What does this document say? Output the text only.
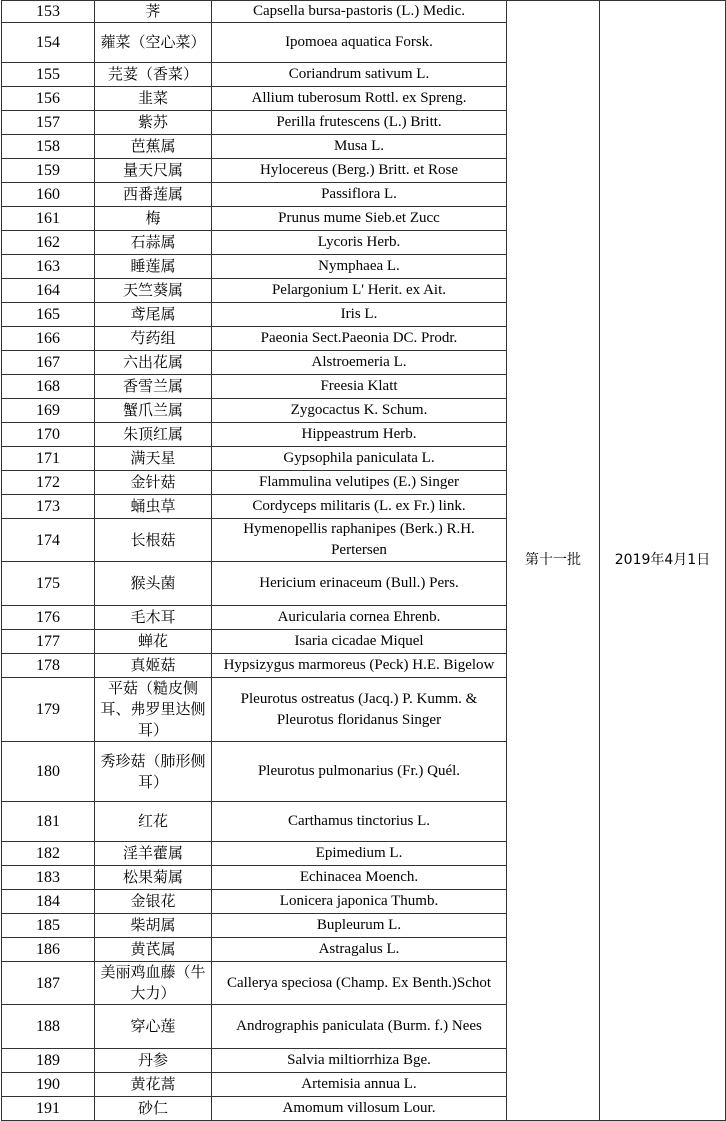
153	荠	Capsella bursa-pastoris (L.) Medic.	第十一批	2019年4月1日
154	蕹菜（空心菜）	Ipomoea aquatica Forsk.		
155	芫荽（香菜）	Coriandrum sativum L.		
156	韭菜	Allium tuberosum Rottl. ex Spreng.		
157	紫苏	Perilla frutescens (L.) Britt.		
158	芭蕉属	Musa L.		
159	量天尺属	Hylocereus (Berg.) Britt. et Rose		
160	西番莲属	Passiflora L.		
161	梅	Prunus mume Sieb.et Zucc		
162	石蒜属	Lycoris Herb.		
163	睡莲属	Nymphaea L.		
164	天竺葵属	Pelargonium L' Herit. ex Ait.		
165	鸢尾属	Iris L.		
166	芍药组	Paeonia Sect.Paeonia DC. Prodr.		
167	六出花属	Alstroemeria L.		
168	香雪兰属	Freesia Klatt		
169	蟹爪兰属	Zygocactus K. Schum.		
170	朱顶红属	Hippeastrum Herb.		
171	满天星	Gypsophila paniculata L.		
172	金针菇	Flammulina velutipes (E.) Singer		
173	蛹虫草	Cordyceps militaris (L. ex Fr.) link.		
174	长根菇	Hymenopellis raphanipes (Berk.) R.H. Pertersen		
175	猴头菌	Hericium erinaceum (Bull.) Pers.		
176	毛木耳	Auricularia cornea Ehrenb.		
177	蝉花	Isaria cicadae Miquel		
178	真姬菇	Hypsizygus marmoreus (Peck) H.E. Bigelow		
179	平菇（糙皮侧耳、弗罗里达侧耳）	Pleurotus ostreatus (Jacq.) P. Kumm. & Pleurotus floridanus Singer		
180	秀珍菇（肺形侧耳）	Pleurotus pulmonarius (Fr.) Quél.		
181	红花	Carthamus tinctorius L.		
182	淫羊藿属	Epimedium L.		
183	松果菊属	Echinacea Moench.		
184	金银花	Lonicera japonica Thumb.		
185	柴胡属	Bupleurum L.		
186	黄芪属	Astragalus L.		
187	美丽鸡血藤（牛大力）	Callerya speciosa (Champ. Ex Benth.)Schot		
188	穿心莲	Andrographis paniculata (Burm. f.) Nees		
189	丹参	Salvia miltiorrhiza Bge.		
190	黄花蒿	Artemisia annua L.		
191	砂仁	Amomum villosum Lour.		
